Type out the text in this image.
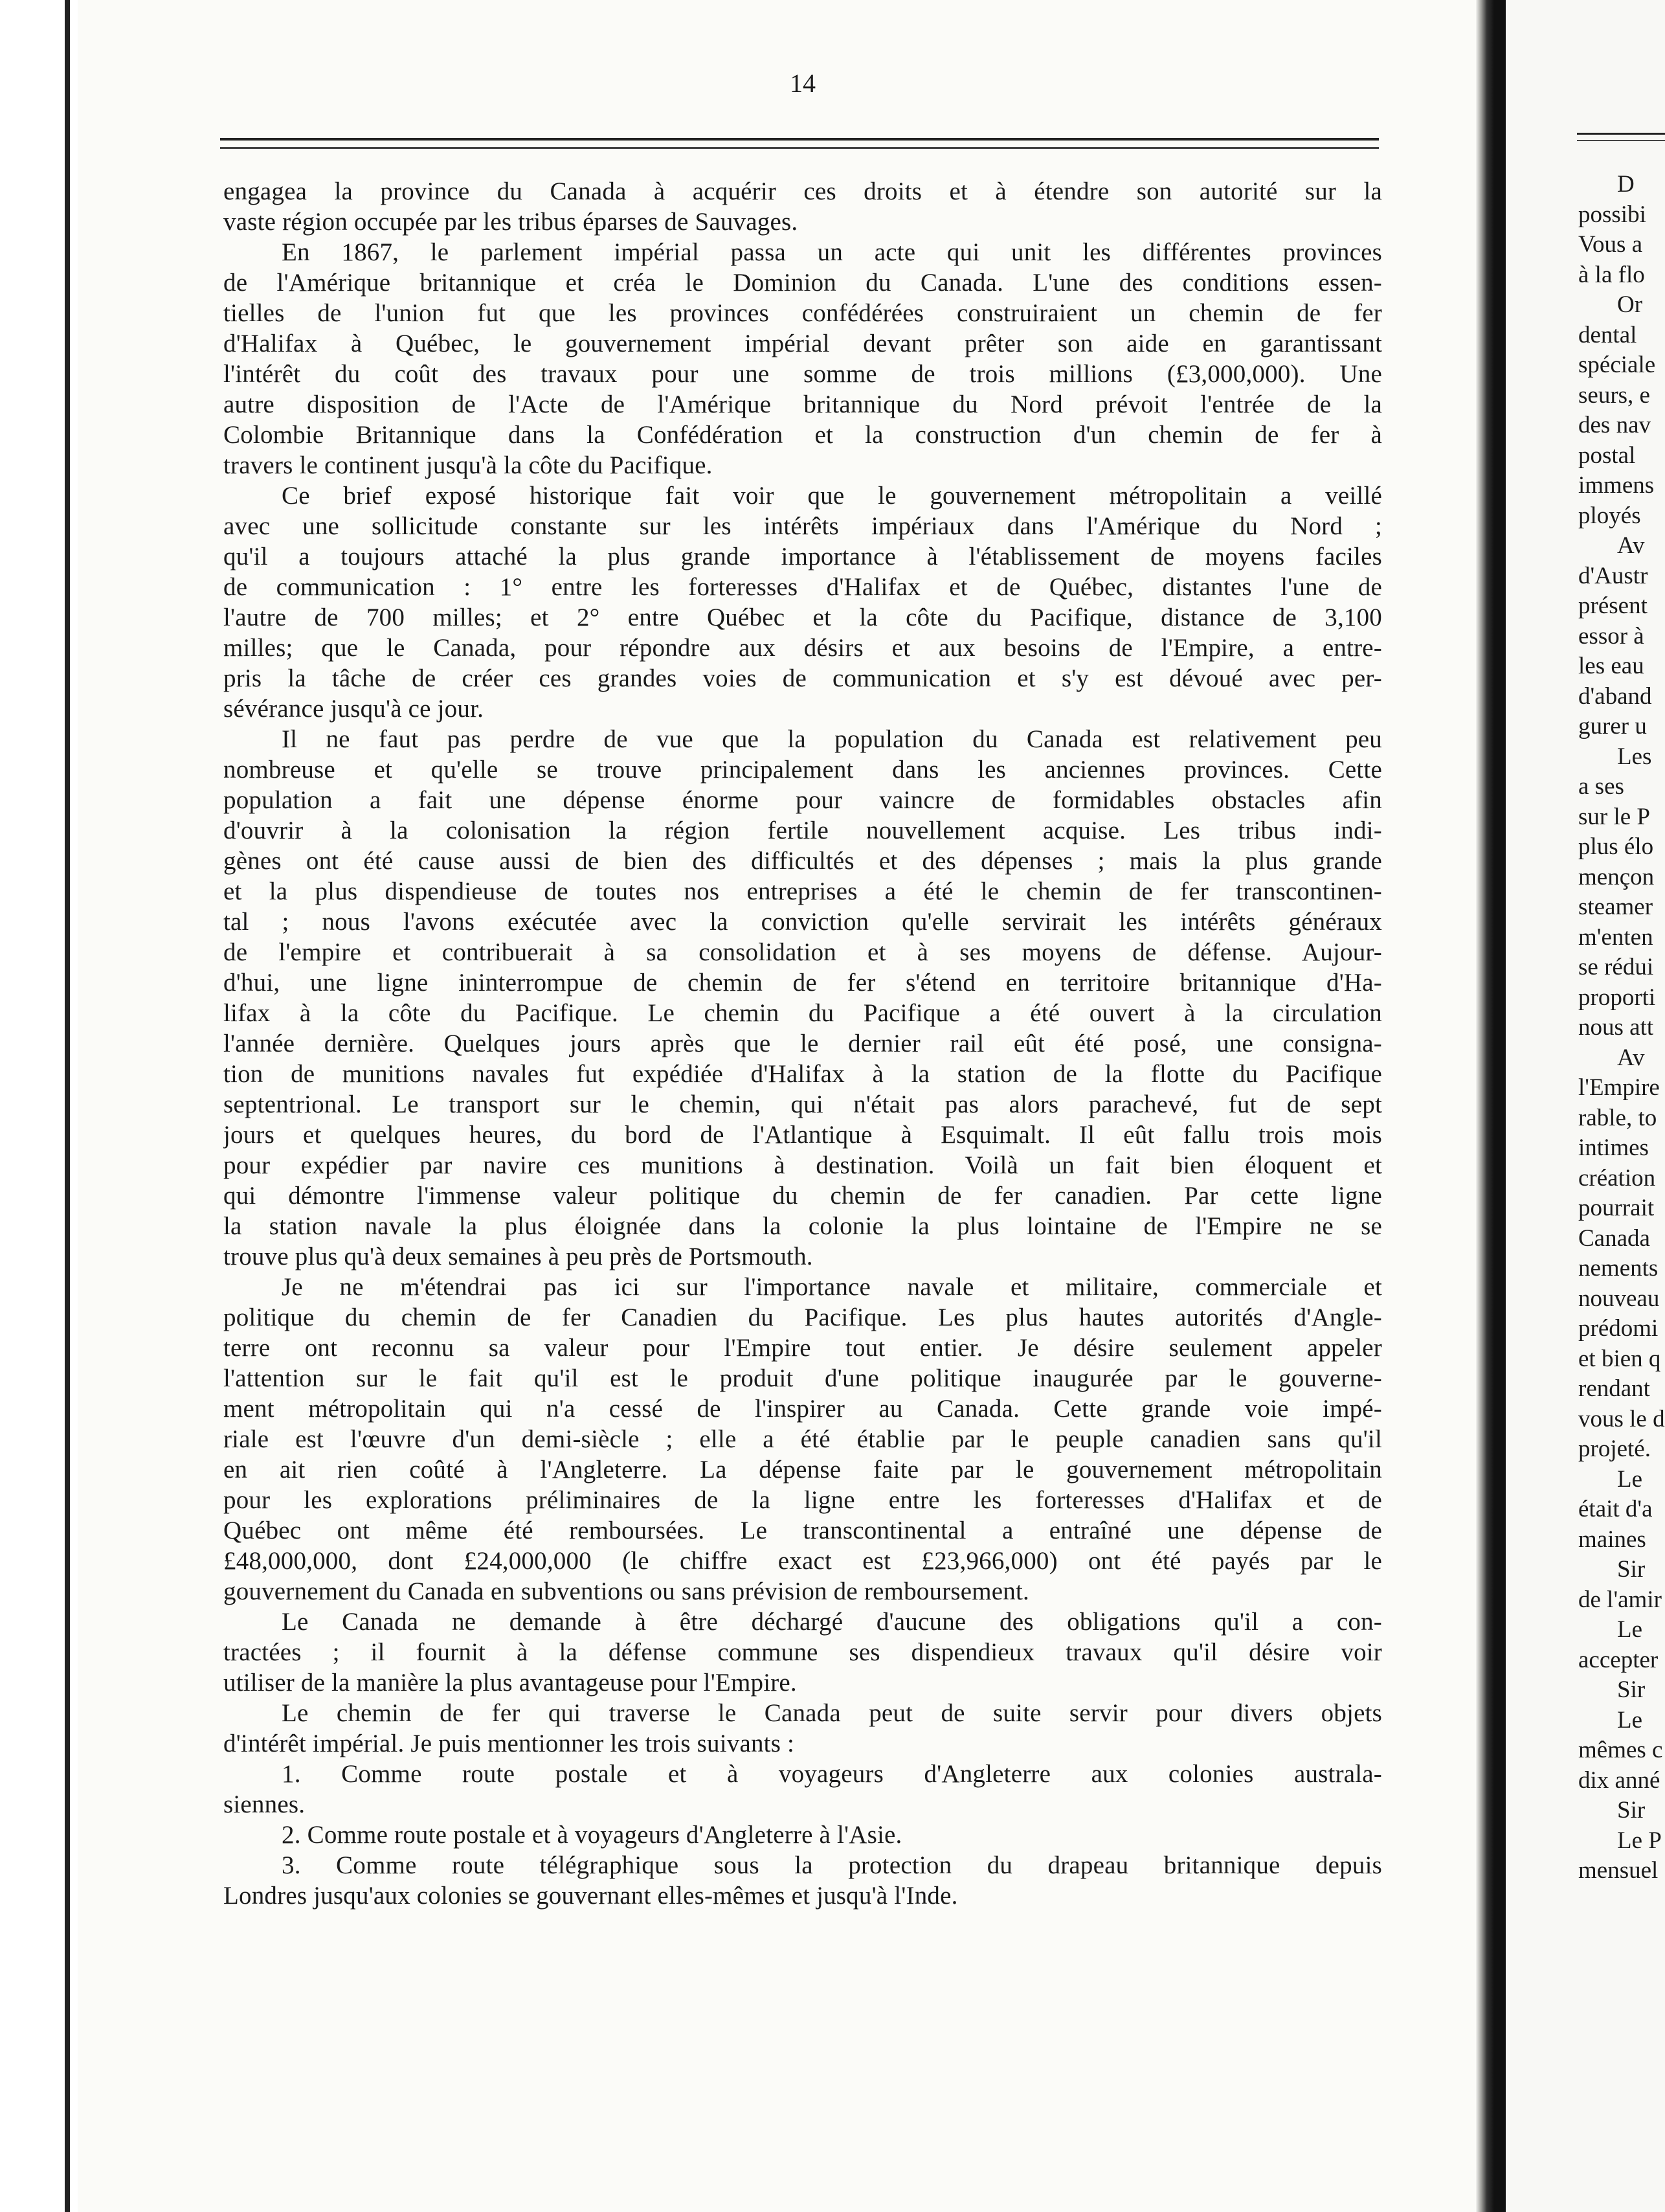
14
engagea la province du Canada à acquérir ces droits et à étendre son autorité sur la
vaste région occupée par les tribus éparses de Sauvages.
En 1867, le parlement impérial passa un acte qui unit les différentes provinces
de l'Amérique britannique et créa le Dominion du Canada. L'une des conditions essen-
tielles de l'union fut que les provinces confédérées construiraient un chemin de fer
d'Halifax à Québec, le gouvernement impérial devant prêter son aide en garantissant
l'intérêt du coût des travaux pour une somme de trois millions (£3,000,000). Une
autre disposition de l'Acte de l'Amérique britannique du Nord prévoit l'entrée de la
Colombie Britannique dans la Confédération et la construction d'un chemin de fer à
travers le continent jusqu'à la côte du Pacifique.
Ce brief exposé historique fait voir que le gouvernement métropolitain a veillé
avec une sollicitude constante sur les intérêts impériaux dans l'Amérique du Nord ;
qu'il a toujours attaché la plus grande importance à l'établissement de moyens faciles
de communication : 1° entre les forteresses d'Halifax et de Québec, distantes l'une de
l'autre de 700 milles; et 2° entre Québec et la côte du Pacifique, distance de 3,100
milles; que le Canada, pour répondre aux désirs et aux besoins de l'Empire, a entre-
pris la tâche de créer ces grandes voies de communication et s'y est dévoué avec per-
sévérance jusqu'à ce jour.
Il ne faut pas perdre de vue que la population du Canada est relativement peu
nombreuse et qu'elle se trouve principalement dans les anciennes provinces. Cette
population a fait une dépense énorme pour vaincre de formidables obstacles afin
d'ouvrir à la colonisation la région fertile nouvellement acquise. Les tribus indi-
gènes ont été cause aussi de bien des difficultés et des dépenses ; mais la plus grande
et la plus dispendieuse de toutes nos entreprises a été le chemin de fer transcontinen-
tal ; nous l'avons exécutée avec la conviction qu'elle servirait les intérêts généraux
de l'empire et contribuerait à sa consolidation et à ses moyens de défense. Aujour-
d'hui, une ligne ininterrompue de chemin de fer s'étend en territoire britannique d'Ha-
lifax à la côte du Pacifique. Le chemin du Pacifique a été ouvert à la circulation
l'année dernière. Quelques jours après que le dernier rail eût été posé, une consigna-
tion de munitions navales fut expédiée d'Halifax à la station de la flotte du Pacifique
septentrional. Le transport sur le chemin, qui n'était pas alors parachevé, fut de sept
jours et quelques heures, du bord de l'Atlantique à Esquimalt. Il eût fallu trois mois
pour expédier par navire ces munitions à destination. Voilà un fait bien éloquent et
qui démontre l'immense valeur politique du chemin de fer canadien. Par cette ligne
la station navale la plus éloignée dans la colonie la plus lointaine de l'Empire ne se
trouve plus qu'à deux semaines à peu près de Portsmouth.
Je ne m'étendrai pas ici sur l'importance navale et militaire, commerciale et
politique du chemin de fer Canadien du Pacifique. Les plus hautes autorités d'Angle-
terre ont reconnu sa valeur pour l'Empire tout entier. Je désire seulement appeler
l'attention sur le fait qu'il est le produit d'une politique inaugurée par le gouverne-
ment métropolitain qui n'a cessé de l'inspirer au Canada. Cette grande voie impé-
riale est l'œuvre d'un demi-siècle ; elle a été établie par le peuple canadien sans qu'il
en ait rien coûté à l'Angleterre. La dépense faite par le gouvernement métropolitain
pour les explorations préliminaires de la ligne entre les forteresses d'Halifax et de
Québec ont même été remboursées. Le transcontinental a entraîné une dépense de
£48,000,000, dont £24,000,000 (le chiffre exact est £23,966,000) ont été payés par le
gouvernement du Canada en subventions ou sans prévision de remboursement.
Le Canada ne demande à être déchargé d'aucune des obligations qu'il a con-
tractées ; il fournit à la défense commune ses dispendieux travaux qu'il désire voir
utiliser de la manière la plus avantageuse pour l'Empire.
Le chemin de fer qui traverse le Canada peut de suite servir pour divers objets
d'intérêt impérial. Je puis mentionner les trois suivants :
1. Comme route postale et à voyageurs d'Angleterre aux colonies australa-
siennes.
2. Comme route postale et à voyageurs d'Angleterre à l'Asie.
3. Comme route télégraphique sous la protection du drapeau britannique depuis
Londres jusqu'aux colonies se gouvernant elles-mêmes et jusqu'à l'Inde.
D
possibi
Vous a
à la flo
Or
dental
spéciale
seurs, e
des nav
postal
immens
ployés
Av
d'Austr
présent
essor à
les eau
d'aband
gurer u
Les
a ses
sur le P
plus élo
mençon
steamer
m'enten
se rédui
proporti
nous att
Av
l'Empire
rable, to
intimes
création
pourrait
Canada
nements
nouveau
prédomi
et bien q
rendant
vous le d
projeté.
Le
était d'a
maines
Sir
de l'amir
Le
accepter
Sir
Le
mêmes c
dix anné
Sir
Le P
mensuel
